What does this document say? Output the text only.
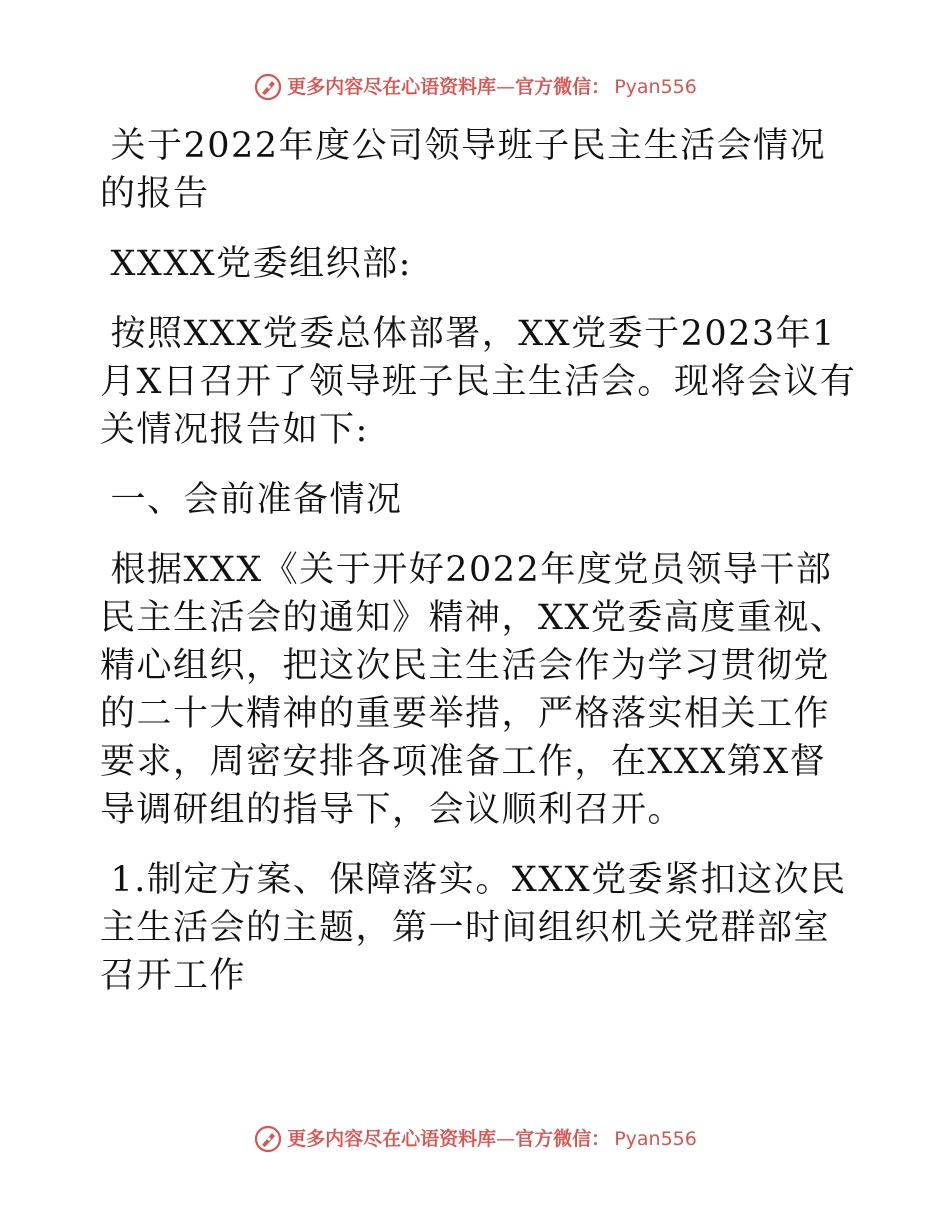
更多内容尽在心语资料库 — 官方微信： Pyan556

关于2022年度公司领导班子民主生活会情况的报告

XXXX党委组织部:

按照XXX党委总体部署，XX党委于2023年1月X日召开了领导班子民主生活会。现将会议有关情况报告如下:

一、会前准备情况

根据XXX《关于开好2022年度党员领导干部民主生活会的通知》精神，XX党委高度重视、精心组织，把这次民主生活会作为学习贯彻党的二十大精神的重要举措，严格落实相关工作要求，周密安排各项准备工作，在XXX第X督导调研组的指导下，会议顺利召开。

1.制定方案、保障落实。XXX党委紧扣这次民主生活会的主题，第一时间组织机关党群部室召开工作

更多内容尽在心语资料库 — 官方微信： Pyan556
